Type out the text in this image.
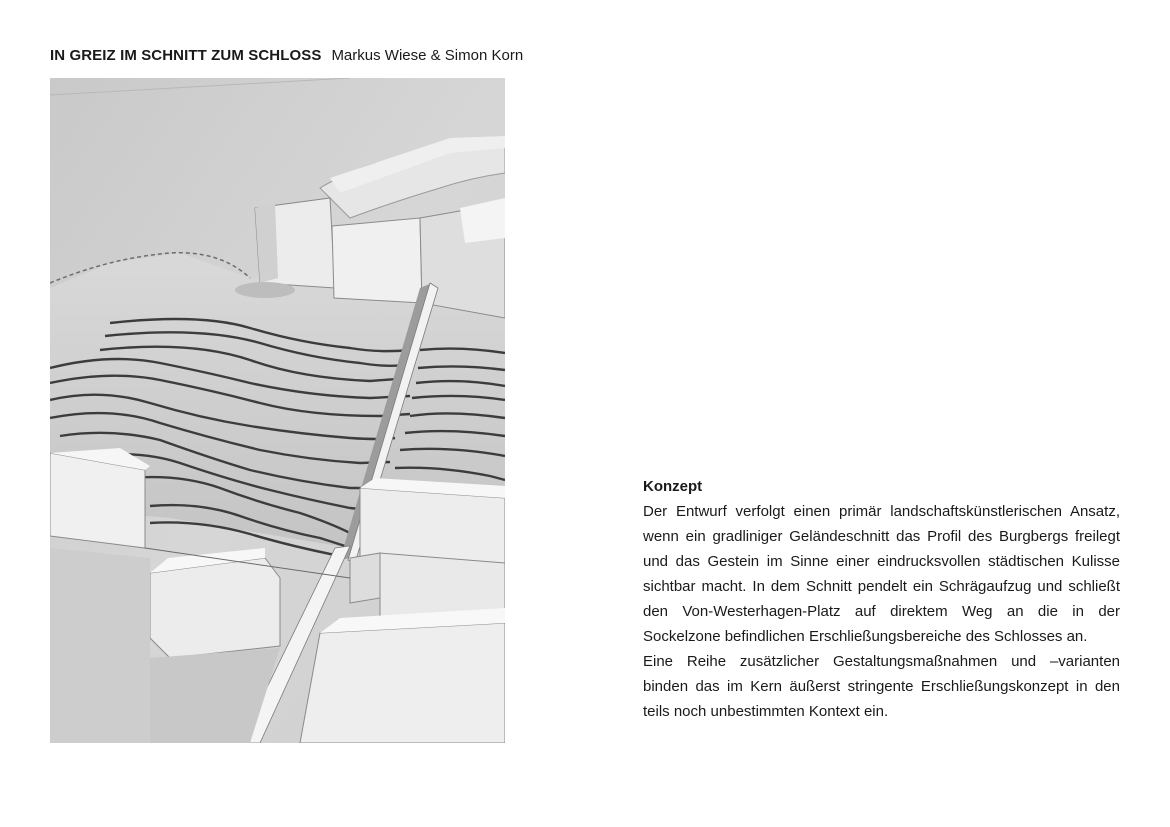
IN GREIZ IM SCHNITT ZUM SCHLOSS Markus Wiese & Simon Korn
Konzept

Der Entwurf verfolgt einen primär landschaftskünstlerischen Ansatz, wenn ein gradliniger Geländeschnitt das Profil des Burgbergs freilegt und das Gestein im Sinne einer eindrucksvollen städtischen Kulisse sichtbar macht. In dem Schnitt pendelt ein Schrägaufzug und schließt den Von-Westerhagen-Platz auf direktem Weg an die in der Sockelzone befindlichen Erschließungsbereiche des Schlosses an.

Eine Reihe zusätzlicher Gestaltungsmaßnahmen und –varianten binden das im Kern äußerst stringente Erschließungskonzept in den teils noch unbestimmten Kontext ein.
